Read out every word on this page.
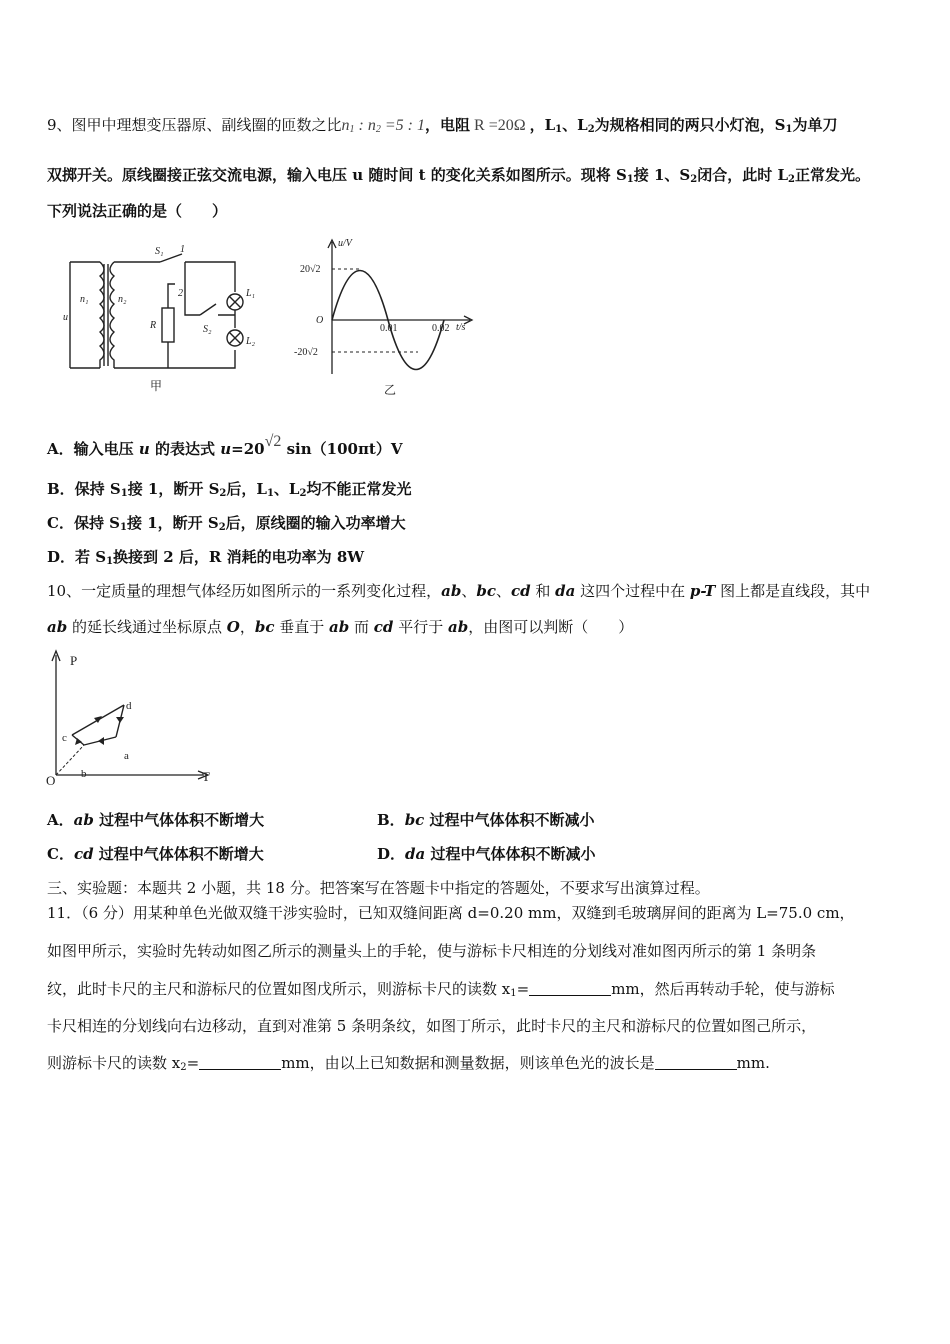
9、图甲中理想变压器原、副线圈的匝数之比$n_1$ : $n_2 =5$ : 1，电阻 R =20Ω ，$L_1$、$L_2$为规格相同的两只小灯泡，$S_1$为单刀
双掷开关。原线圈接正弦交流电源，输入电压 u 随时间 t 的变化关系如图所示。现将 $S_1$接 1、$S_2$闭合，此时 $L_2$正常发光。
下列说法正确的是（　　）
n₁	n₂
u
R
S₁ 1
2
S₂
L₁
L₂
甲
u/V
t/s
O
20√2
-20√2
0.01	0.02
乙
A．输入电压 u 的表达式 u=20√2 sin（100πt）V
B．保持 $S_1$接 1，断开 $S_2$后，$L_1$、$L_2$均不能正常发光
C．保持 $S_1$接 1，断开 $S_2$后，原线圈的输入功率增大
D．若 $S_1$换接到 2 后，R 消耗的电功率为 8W
10、一定质量的理想气体经历如图所示的一系列变化过程，ab、bc、cd 和 da 这四个过程中在 p-T 图上都是直线段，其中
ab 的延长线通过坐标原点 O，bc 垂直于 ab 而 cd 平行于 ab，由图可以判断（　　）
P
T
O
a
b
c
d
A．ab 过程中气体体积不断增大	B．bc 过程中气体体积不断减小
C．cd 过程中气体体积不断增大	D．da 过程中气体体积不断减小
三、实验题：本题共 2 小题，共 18 分。把答案写在答题卡中指定的答题处，不要求写出演算过程。
11．（6 分）用某种单色光做双缝干涉实验时，已知双缝间距离 d=0.20 mm，双缝到毛玻璃屏间的距离为 L=75.0 cm，
如图甲所示，实验时先转动如图乙所示的测量头上的手轮，使与游标卡尺相连的分划线对准如图丙所示的第 1 条明条
纹，此时卡尺的主尺和游标尺的位置如图戊所示，则游标卡尺的读数 $x_1=$	mm，然后再转动手轮，使与游标
卡尺相连的分划线向右边移动，直到对准第 5 条明条纹，如图丁所示，此时卡尺的主尺和游标尺的位置如图己所示，
则游标卡尺的读数 $x_2=$	mm，由以上已知数据和测量数据，则该单色光的波长是	mm.
